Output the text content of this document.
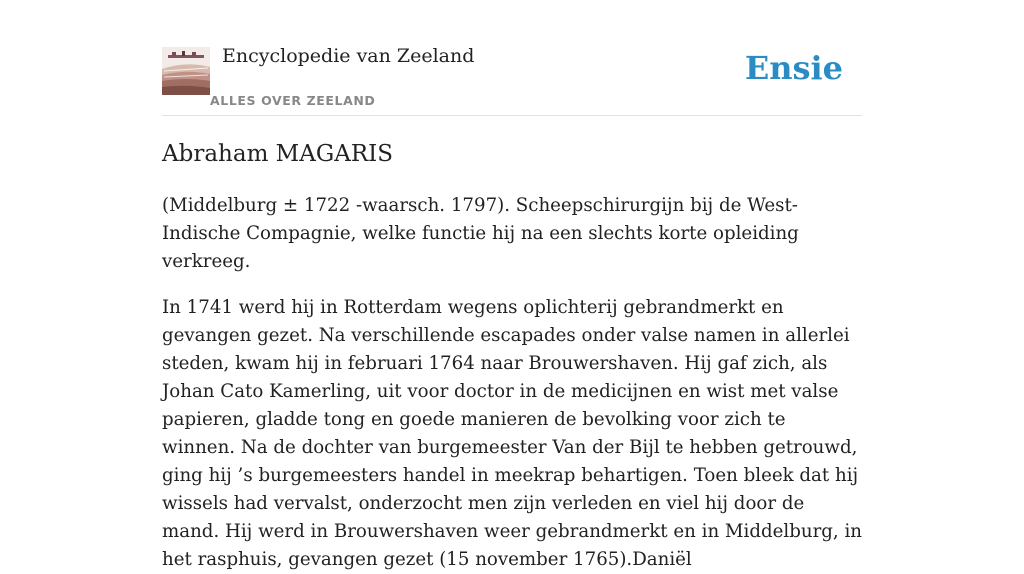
Encyclopedie van Zeeland
ALLES OVER ZEELAND
Ensie
Abraham MAGARIS

(Middelburg ± 1722 -waarsch. 1797). Scheepschirurgijn bij de West-Indische Compagnie, welke functie hij na een slechts korte opleiding verkreeg.

In 1741 werd hij in Rotterdam wegens oplichterij gebrandmerkt en gevangen gezet. Na verschillende escapades onder valse namen in allerlei steden, kwam hij in februari 1764 naar Brouwershaven. Hij gaf zich, als Johan Cato Kamerling, uit voor doctor in de medicijnen en wist met valse papieren, gladde tong en goede manieren de bevolking voor zich te winnen. Na de dochter van burgemeester Van der Bijl te hebben getrouwd, ging hij ’s burgemeesters handel in meekrap behartigen. Toen bleek dat hij wissels had vervalst, onderzocht men zijn verleden en viel hij door de mand. Hij werd in Brouwershaven weer gebrandmerkt en in Middelburg, in het rasphuis, gevangen gezet (15 november 1765).Daniël
